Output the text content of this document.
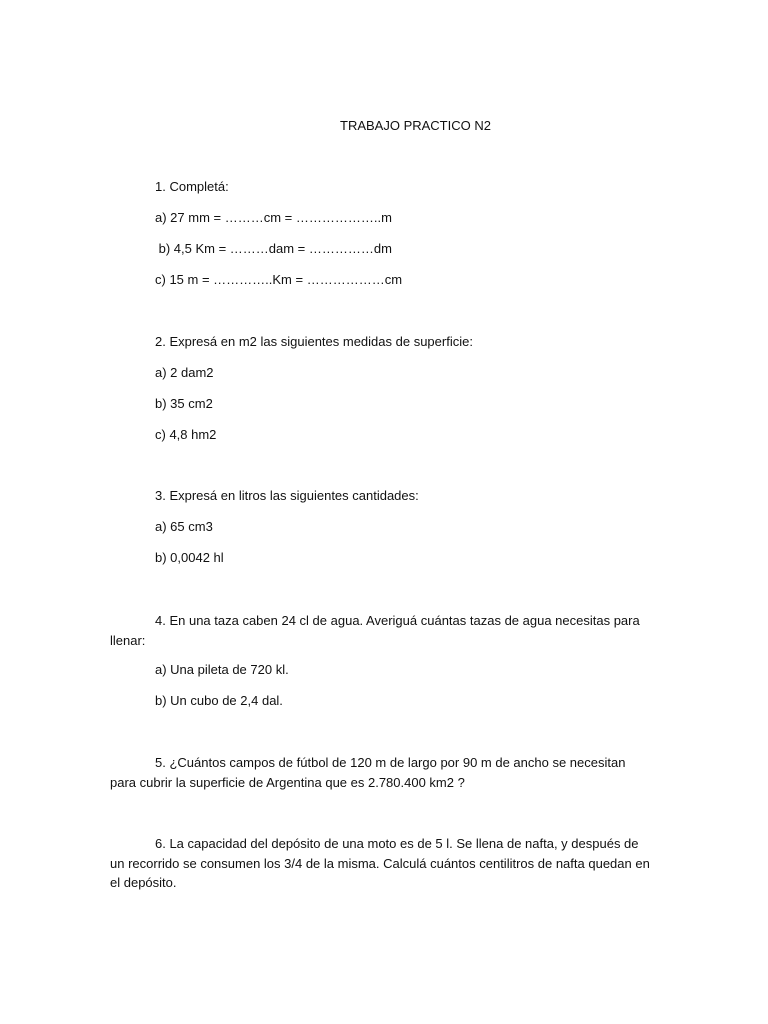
TRABAJO PRACTICO N2
1. Completá:
a) 27 mm = ………cm = ………………..m
b) 4,5 Km = ………dam = ……………dm
c) 15 m = …………..Km = ………………cm
2. Expresá en m2 las siguientes medidas de superficie:
a) 2 dam2
b) 35 cm2
c) 4,8 hm2
3. Expresá en litros las siguientes cantidades:
a) 65 cm3
b) 0,0042 hl
4. En una taza caben 24 cl de agua. Averiguá cuántas tazas de agua necesitas para llenar:
a) Una pileta de 720 kl.
b) Un cubo de 2,4 dal.
5. ¿Cuántos campos de fútbol de 120 m de largo por 90 m de ancho se necesitan para cubrir la superficie de Argentina que es 2.780.400 km2 ?
6. La capacidad del depósito de una moto es de 5 l. Se llena de nafta, y después de un recorrido se consumen los 3/4 de la misma. Calculá cuántos centilitros de nafta quedan en el depósito.
